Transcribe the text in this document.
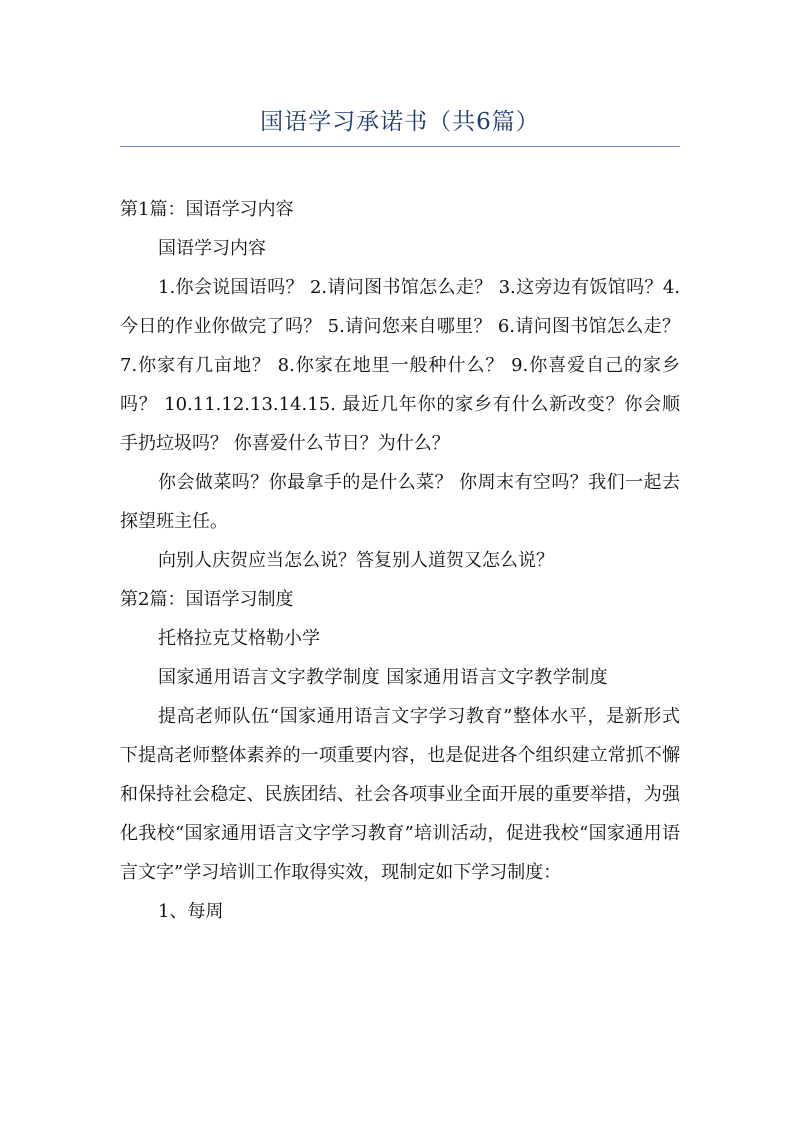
国语学习承诺书（共6篇）

第1篇：国语学习内容

国语学习内容

1.你会说国语吗？ 2.请问图书馆怎么走？ 3.这旁边有饭馆吗？4.今日的作业你做完了吗？ 5.请问您来自哪里？ 6.请问图书馆怎么走？ 7.你家有几亩地？ 8.你家在地里一般种什么？ 9.你喜爱自己的家乡吗？ 10.11.12.13.14.15. 最近几年你的家乡有什么新改变？你会顺手扔垃圾吗？ 你喜爱什么节日？为什么？

你会做菜吗？你最拿手的是什么菜？ 你周末有空吗？我们一起去探望班主任。

向别人庆贺应当怎么说？答复别人道贺又怎么说？

第2篇：国语学习制度

托格拉克艾格勒小学

国家通用语言文字教学制度 国家通用语言文字教学制度

提高老师队伍“国家通用语言文字学习教育”整体水平，是新形式下提高老师整体素养的一项重要内容，也是促进各个组织建立常抓不懈和保持社会稳定、民族团结、社会各项事业全面开展的重要举措，为强化我校“国家通用语言文字学习教育”培训活动，促进我校“国家通用语言文字”学习培训工作取得实效，现制定如下学习制度：

1、每周
